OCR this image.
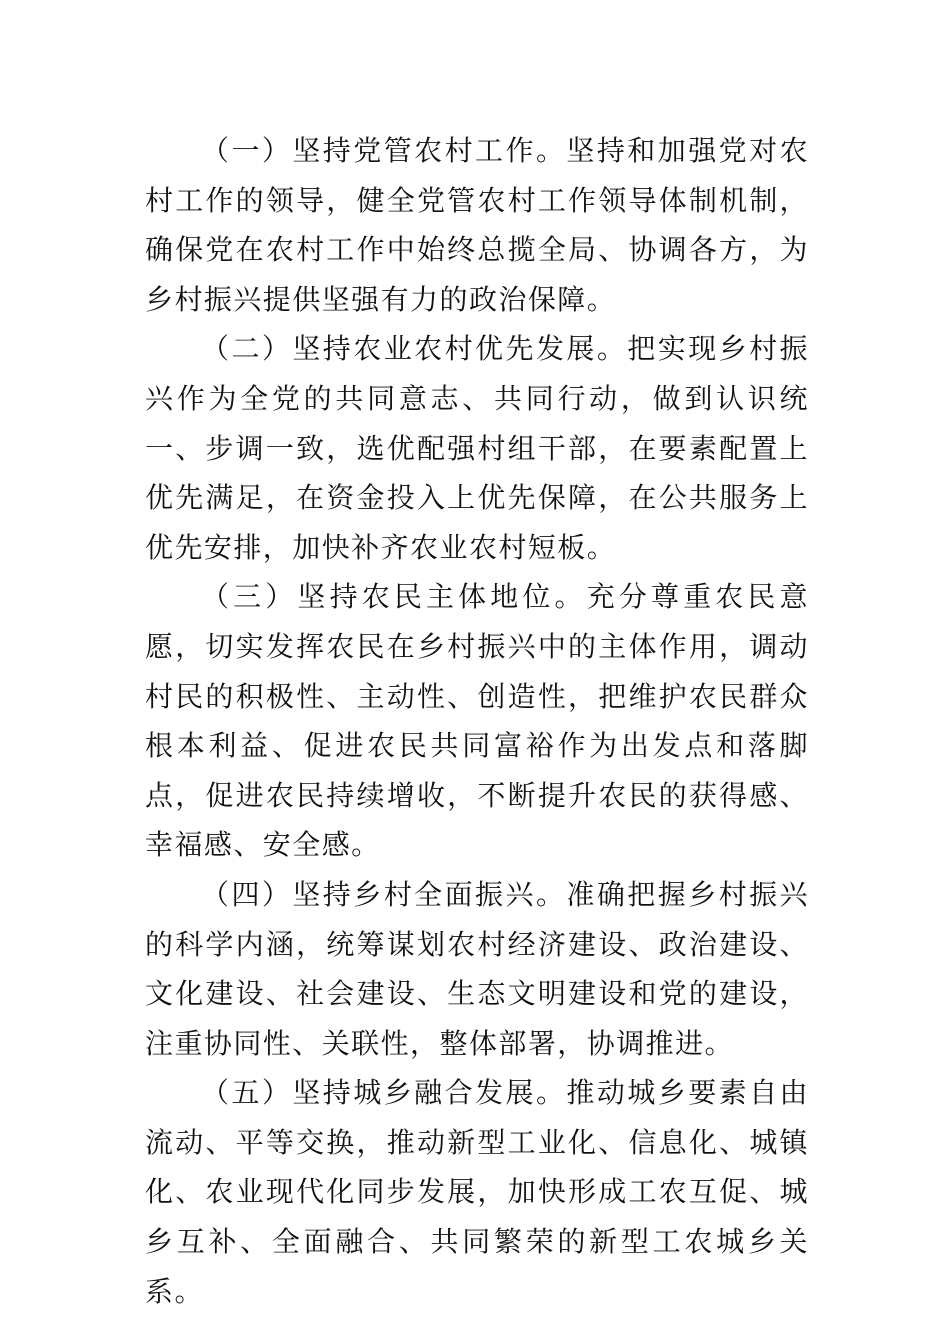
（一）坚持党管农村工作。坚持和加强党对农村工作的领导，健全党管农村工作领导体制机制，确保党在农村工作中始终总揽全局、协调各方，为乡村振兴提供坚强有力的政治保障。

（二）坚持农业农村优先发展。把实现乡村振兴作为全党的共同意志、共同行动，做到认识统一、步调一致，选优配强村组干部，在要素配置上优先满足，在资金投入上优先保障，在公共服务上优先安排，加快补齐农业农村短板。

（三）坚持农民主体地位。充分尊重农民意愿，切实发挥农民在乡村振兴中的主体作用，调动村民的积极性、主动性、创造性，把维护农民群众根本利益、促进农民共同富裕作为出发点和落脚点，促进农民持续增收，不断提升农民的获得感、幸福感、安全感。

（四）坚持乡村全面振兴。准确把握乡村振兴的科学内涵，统筹谋划农村经济建设、政治建设、文化建设、社会建设、生态文明建设和党的建设，注重协同性、关联性，整体部署，协调推进。

（五）坚持城乡融合发展。推动城乡要素自由流动、平等交换，推动新型工业化、信息化、城镇化、农业现代化同步发展，加快形成工农互促、城乡互补、全面融合、共同繁荣的新型工农城乡关系。
